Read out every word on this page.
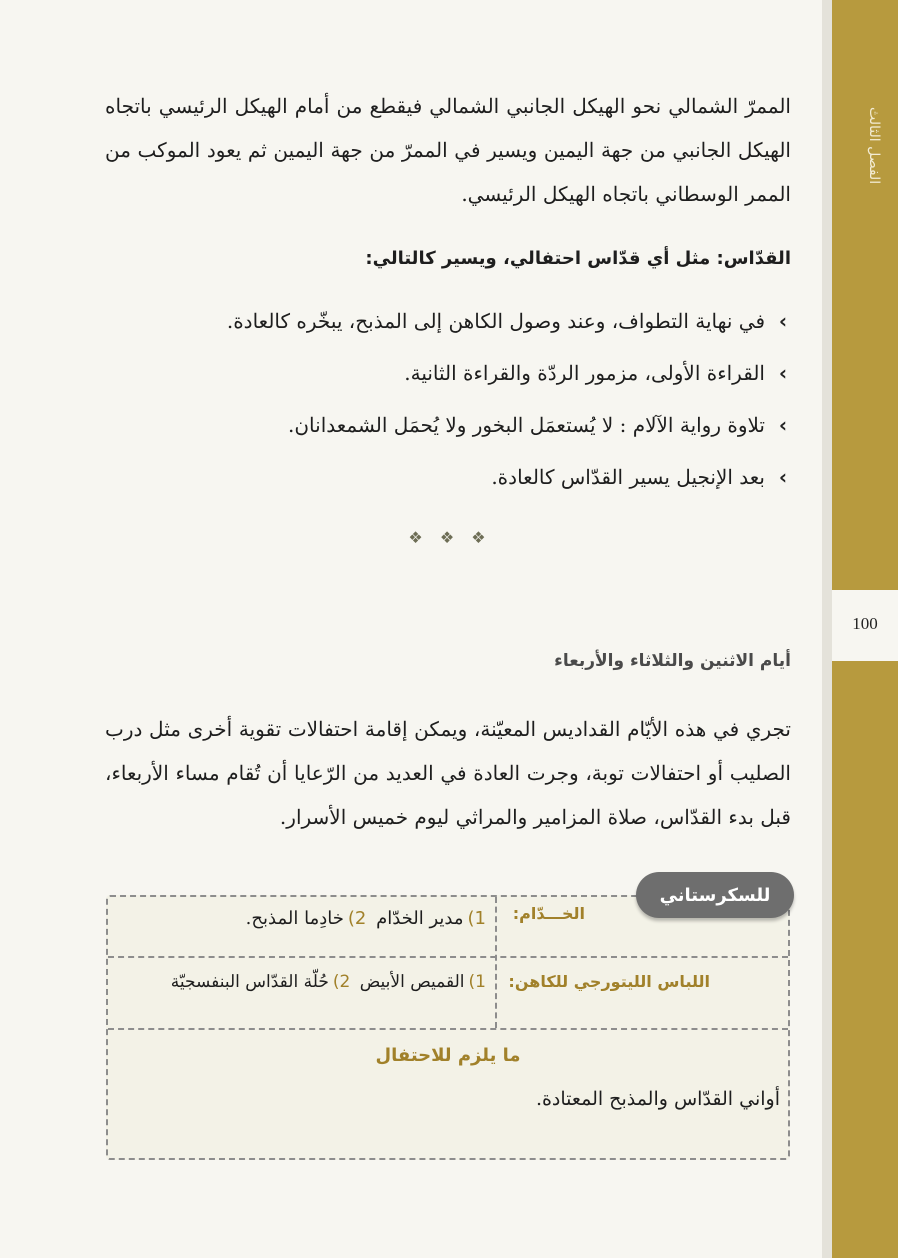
الفصل الثالث
100

الممرّ الشمالي نحو الهيكل الجانبي الشمالي فيقطع من أمام الهيكل الرئيسي باتجاه الهيكل الجانبي من جهة اليمين ويسير في الممرّ من جهة اليمين ثم يعود الموكب من الممر الوسطاني باتجاه الهيكل الرئيسي.

القدّاس: مثل أي قدّاس احتفالي، ويسير كالتالي:
›
في نهاية التطواف، وعند وصول الكاهن إلى المذبح، يبخّره كالعادة.
›
القراءة الأولى، مزمور الردّة والقراءة الثانية.
›
تلاوة رواية الآلام : لا يُستعمَل البخور ولا يُحمَل الشمعدانان.
›
بعد الإنجيل يسير القدّاس كالعادة.
❖ ❖ ❖
أيام الاثنين والثلاثاء والأربعاء

تجري في هذه الأيّام القداديس المعيّنة، ويمكن إقامة احتفالات تقوية أخرى مثل درب الصليب أو احتفالات توبة، وجرت العادة في العديد من الرّعايا أن تُقام مساء الأربعاء، قبل بدء القدّاس، صلاة المزامير والمراثي ليوم خميس الأسرار.

للسكرستاني
الخـــدّام:
1)مدير الخدّام 2)خادِما المذبح.
اللباس الليتورجي للكاهن:
1)القميص الأبيض 2)حُلّة القدّاس البنفسجيّة
ما يلزم للاحتفال
أواني القدّاس والمذبح المعتادة.
